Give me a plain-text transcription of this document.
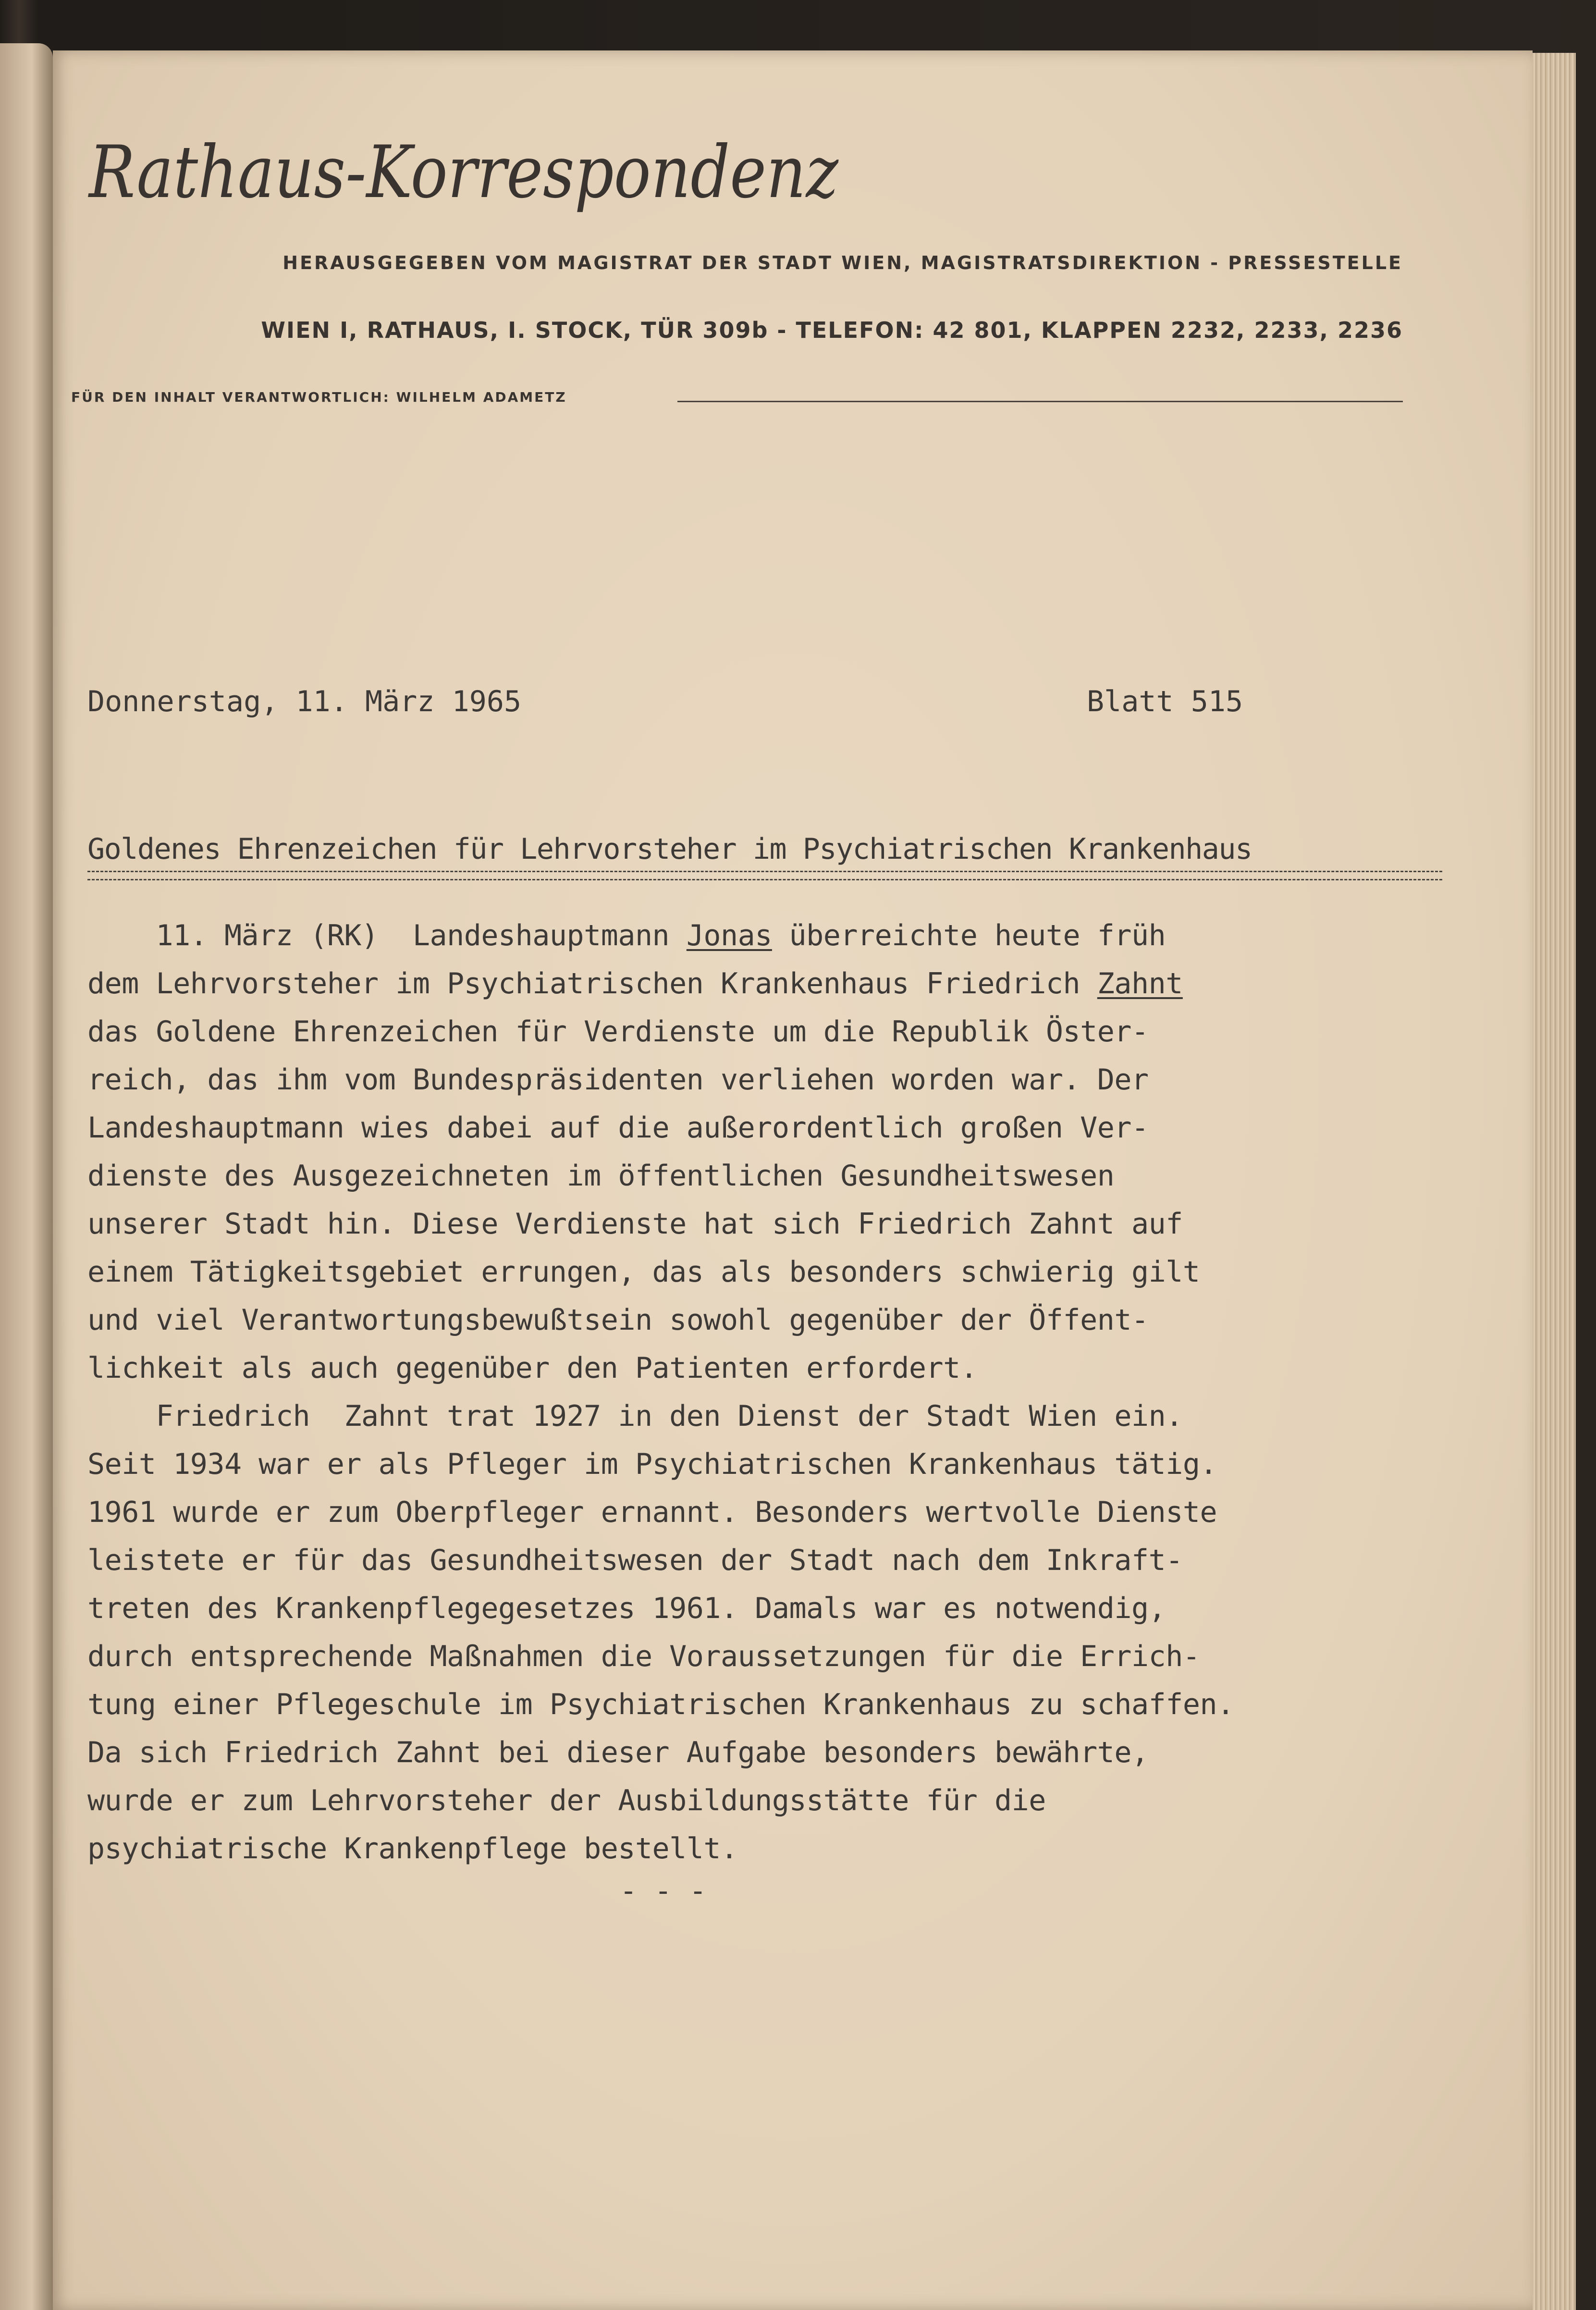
Rathaus-Korrespondenz
HERAUSGEGEBEN VOM MAGISTRAT DER STADT WIEN, MAGISTRATSDIREKTION - PRESSESTELLE
WIEN I, RATHAUS, I. STOCK, TÜR 309b - TELEFON: 42 801, KLAPPEN 2232, 2233, 2236
FÜR DEN INHALT VERANTWORTLICH: WILHELM ADAMETZ
Donnerstag, 11. März 1965	Blatt 515
Goldenes Ehrenzeichen für Lehrvorsteher im Psychiatrischen Krankenhaus
11. März (RK)  Landeshauptmann Jonas überreichte heute früh
dem Lehrvorsteher im Psychiatrischen Krankenhaus Friedrich Zahnt
das Goldene Ehrenzeichen für Verdienste um die Republik Öster-
reich, das ihm vom Bundespräsidenten verliehen worden war. Der
Landeshauptmann wies dabei auf die außerordentlich großen Ver-
dienste des Ausgezeichneten im öffentlichen Gesundheitswesen
unserer Stadt hin. Diese Verdienste hat sich Friedrich Zahnt auf
einem Tätigkeitsgebiet errungen, das als besonders schwierig gilt
und viel Verantwortungsbewußtsein sowohl gegenüber der Öffent-
lichkeit als auch gegenüber den Patienten erfordert.
Friedrich  Zahnt trat 1927 in den Dienst der Stadt Wien ein.
Seit 1934 war er als Pfleger im Psychiatrischen Krankenhaus tätig.
1961 wurde er zum Oberpfleger ernannt. Besonders wertvolle Dienste
leistete er für das Gesundheitswesen der Stadt nach dem Inkraft-
treten des Krankenpflegegesetzes 1961. Damals war es notwendig,
durch entsprechende Maßnahmen die Voraussetzungen für die Errich-
tung einer Pflegeschule im Psychiatrischen Krankenhaus zu schaffen.
Da sich Friedrich Zahnt bei dieser Aufgabe besonders bewährte,
wurde er zum Lehrvorsteher der Ausbildungsstätte für die
psychiatrische Krankenpflege bestellt.
- - -
